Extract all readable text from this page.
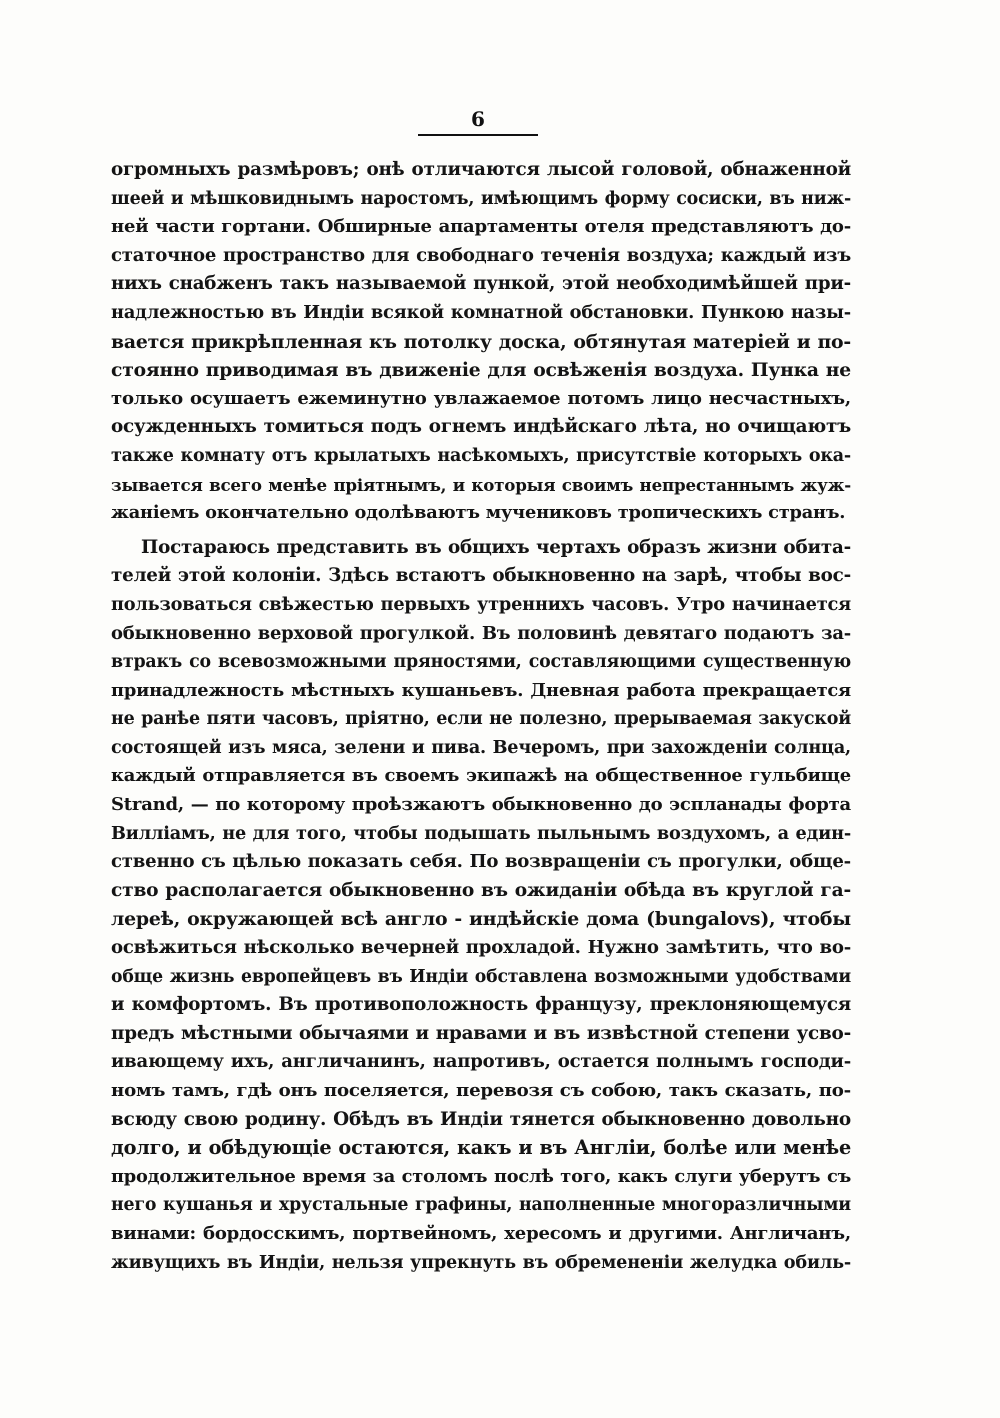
6
огромныхъ размѣровъ; онѣ отличаются лысой головой, обнаженной
шеей и мѣшковиднымъ наростомъ, имѣющимъ форму сосиски, въ ниж-
ней части гортани. Обширные апартаменты отеля представляютъ до-
статочное пространство для свободнаго теченія воздуха; каждый изъ
нихъ снабженъ такъ называемой пункой, этой необходимѣйшей при-
надлежностью въ Индіи всякой комнатной обстановки. Пункою назы-
вается прикрѣпленная къ потолку доска, обтянутая матеріей и по-
стоянно приводимая въ движеніе для освѣженія воздуха. Пунка не
только осушаетъ ежеминутно увлажаемое потомъ лицо несчастныхъ,
осужденныхъ томиться подъ огнемъ индѣйскаго лѣта, но очищаютъ
также комнату отъ крылатыхъ насѣкомыхъ, присутствіе которыхъ ока-
зывается всего менѣе пріятнымъ, и которыя своимъ непрестаннымъ жуж-
жаніемъ окончательно одолѣваютъ мучениковъ тропическихъ странъ.
Постараюсь представить въ общихъ чертахъ образъ жизни обита-
телей этой колоніи. Здѣсь встаютъ обыкновенно на зарѣ, чтобы вос-
пользоваться свѣжестью первыхъ утреннихъ часовъ. Утро начинается
обыкновенно верховой прогулкой. Въ половинѣ девятаго подаютъ за-
втракъ со всевозможными пряностями, составляющими существенную
принадлежность мѣстныхъ кушаньевъ. Дневная работа прекращается
не ранѣе пяти часовъ, пріятно, если не полезно, прерываемая закуской
состоящей изъ мяса, зелени и пива. Вечеромъ, при захожденіи солнца,
каждый отправляется въ своемъ экипажѣ на общественное гульбище
Strand, — по которому проѣзжаютъ обыкновенно до эспланады форта
Вилліамъ, не для того, чтобы подышать пыльнымъ воздухомъ, а един-
ственно съ цѣлью показать себя. По возвращеніи съ прогулки, обще-
ство располагается обыкновенно въ ожиданіи обѣда въ круглой га-
лереѣ, окружающей всѣ англо - индѣйскіе дома (bungalovs), чтобы
освѣжиться нѣсколько вечерней прохладой. Нужно замѣтить, что во-
обще жизнь европейцевъ въ Индіи обставлена возможными удобствами
и комфортомъ. Въ противоположность французу, преклоняющемуся
предъ мѣстными обычаями и нравами и въ извѣстной степени усво-
ивающему ихъ, англичанинъ, напротивъ, остается полнымъ господи-
номъ тамъ, гдѣ онъ поселяется, перевозя съ собою, такъ сказать, по-
всюду свою родину. Обѣдъ въ Индіи тянется обыкновенно довольно
долго, и обѣдующіе остаются, какъ и въ Англіи, болѣе или менѣе
продолжительное время за столомъ послѣ того, какъ слуги уберутъ съ
него кушанья и хрустальные графины, наполненные многоразличными
винами: бордосскимъ, портвейномъ, хересомъ и другими. Англичанъ,
живущихъ въ Индіи, нельзя упрекнуть въ обремененіи желудка обиль-
